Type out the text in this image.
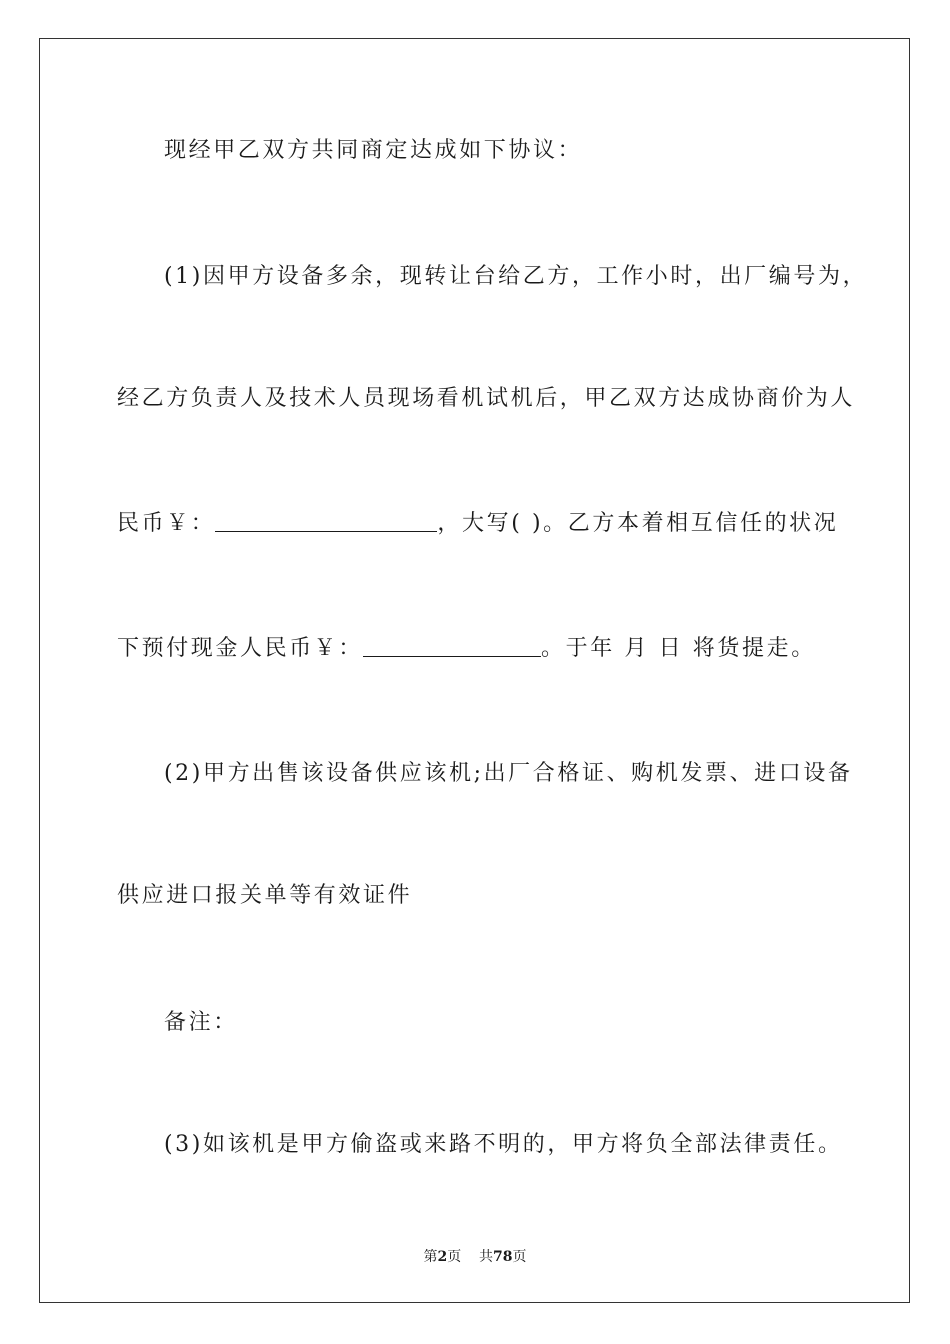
现经甲乙双方共同商定达成如下协议：
(1)因甲方设备多余，现转让台给乙方，工作小时，出厂编号为，
经乙方负责人及技术人员现场看机试机后，甲乙双方达成协商价为人
民币￥：	，大写( )。乙方本着相互信任的状况
下预付现金人民币￥：	。于年 月 日 将货提走。
(2)甲方出售该设备供应该机;出厂合格证、购机发票、进口设备
供应进口报关单等有效证件
备注：
(3)如该机是甲方偷盗或来路不明的，甲方将负全部法律责任。
第2页 共78页
